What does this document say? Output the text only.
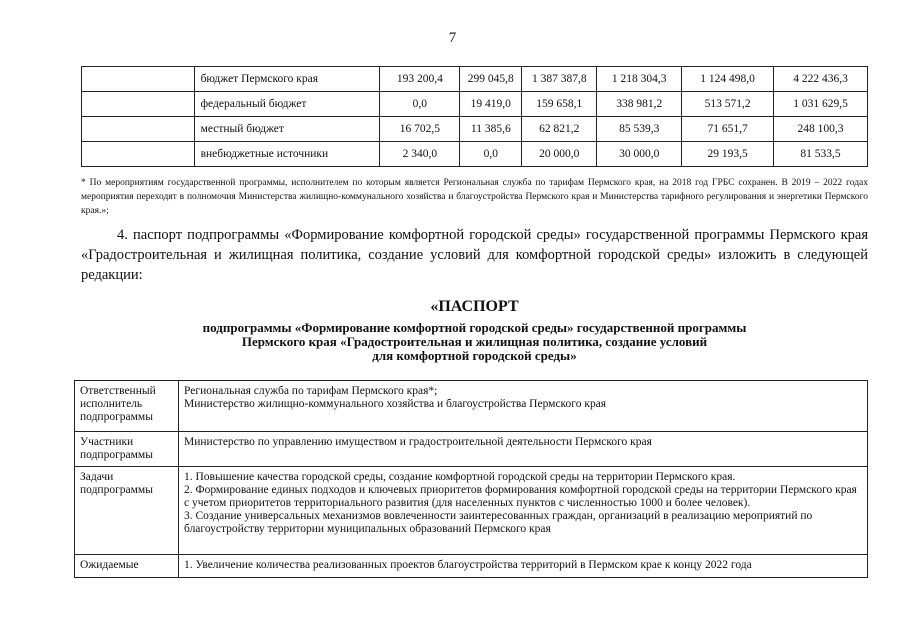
7
	бюджет Пермского края	193 200,4	299 045,8	1 387 387,8	1 218 304,3	1 124 498,0	4 222 436,3
	федеральный бюджет	0,0	19 419,0	159 658,1	338 981,2	513 571,2	1 031 629,5
	местный бюджет	16 702,5	11 385,6	62 821,2	85 539,3	71 651,7	248 100,3
	внебюджетные источники	2 340,0	0,0	20 000,0	30 000,0	29 193,5	81 533,5
* По мероприятиям государственной программы, исполнителем по которым является Региональная служба по тарифам Пермского края, на 2018 год ГРБС сохранен. В 2019 – 2022 годах мероприятия переходят в полномочия Министерства жилищно-коммунального хозяйства и благоустройства Пермского края и Министерства тарифного регулирования и энергетики Пермского края.»;
4. паспорт подпрограммы «Формирование комфортной городской среды» государственной программы Пермского края «Градостроительная и жилищная политика, создание условий для комфортной городской среды» изложить в следующей редакции:
«ПАСПОРТ
подпрограммы «Формирование комфортной городской среды» государственной программы
Пермского края «Градостроительная и жилищная политика, создание условий
для комфортной городской среды»
Ответственный исполнитель подпрограммы	Региональная служба по тарифам Пермского края*;
Министерство жилищно-коммунального хозяйства и благоустройства Пермского края

Участники подпрограммы	Министерство по управлению имуществом и градостроительной деятельности Пермского края

Задачи подпрограммы	1. Повышение качества городской среды, создание комфортной городской среды на территории Пермского края.
2. Формирование единых подходов и ключевых приоритетов формирования комфортной городской среды на территории Пермского края с учетом приоритетов территориального развития (для населенных пунктов с численностью 1000 и более человек).
3. Создание универсальных механизмов вовлеченности заинтересованных граждан, организаций в реализацию мероприятий по благоустройству территории муниципальных образований Пермского края

Ожидаемые	1. Увеличение количества реализованных проектов благоустройства территорий в Пермском крае к концу 2022 года
